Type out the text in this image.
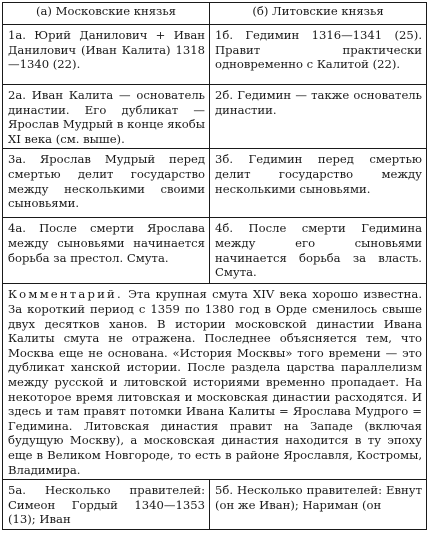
(а) Московские князья	(б) Литовские князья
1а. Юрий Данилович + Иван Данилович (Иван Калита) 1318—1340 (22).	1б. Гедимин 1316—1341 (25). Правит практически одновременно с Калитой (22).
2а. Иван Калита — основатель династии. Его дубликат — Ярослав Мудрый в конце якобы XI века (см. выше).	2б. Гедимин — также основатель династии.
3а. Ярослав Мудрый перед смертью делит государство между несколькими своими сыновьями.	3б. Гедимин перед смертью делит государство между несколькими сыновьями.
4а. После смерти Ярослава между сыновьями начинается борьба за престол. Смута.	4б. После смерти Гедимина между его сыновьями начинается борьба за власть. Смута.
Комментарий. Эта крупная смута XIV века хорошо известна. За короткий период с 1359 по 1380 год в Орде сменилось свыше двух десятков ханов. В истории московской династии Ивана Калиты смута не отражена. Последнее объясняется тем, что Москва еще не основана. «История Москвы» того времени — это дубликат ханской истории. После раздела царства параллелизм между русской и литовской историями временно пропадает. На некоторое время литовская и московская династии расходятся. И здесь и там правят потомки Ивана Калиты = Ярослава Мудрого = Гедимина. Литовская династия правит на Западе (включая будущую Москву), а московская династия находится в ту эпоху еще в Великом Новгороде, то есть в районе Ярославля, Костромы, Владимира.	
5а. Несколько правителей: Симеон Гордый 1340—1353 (13); Иван	5б. Несколько правителей: Евнут (он же Иван); Нариман (он
